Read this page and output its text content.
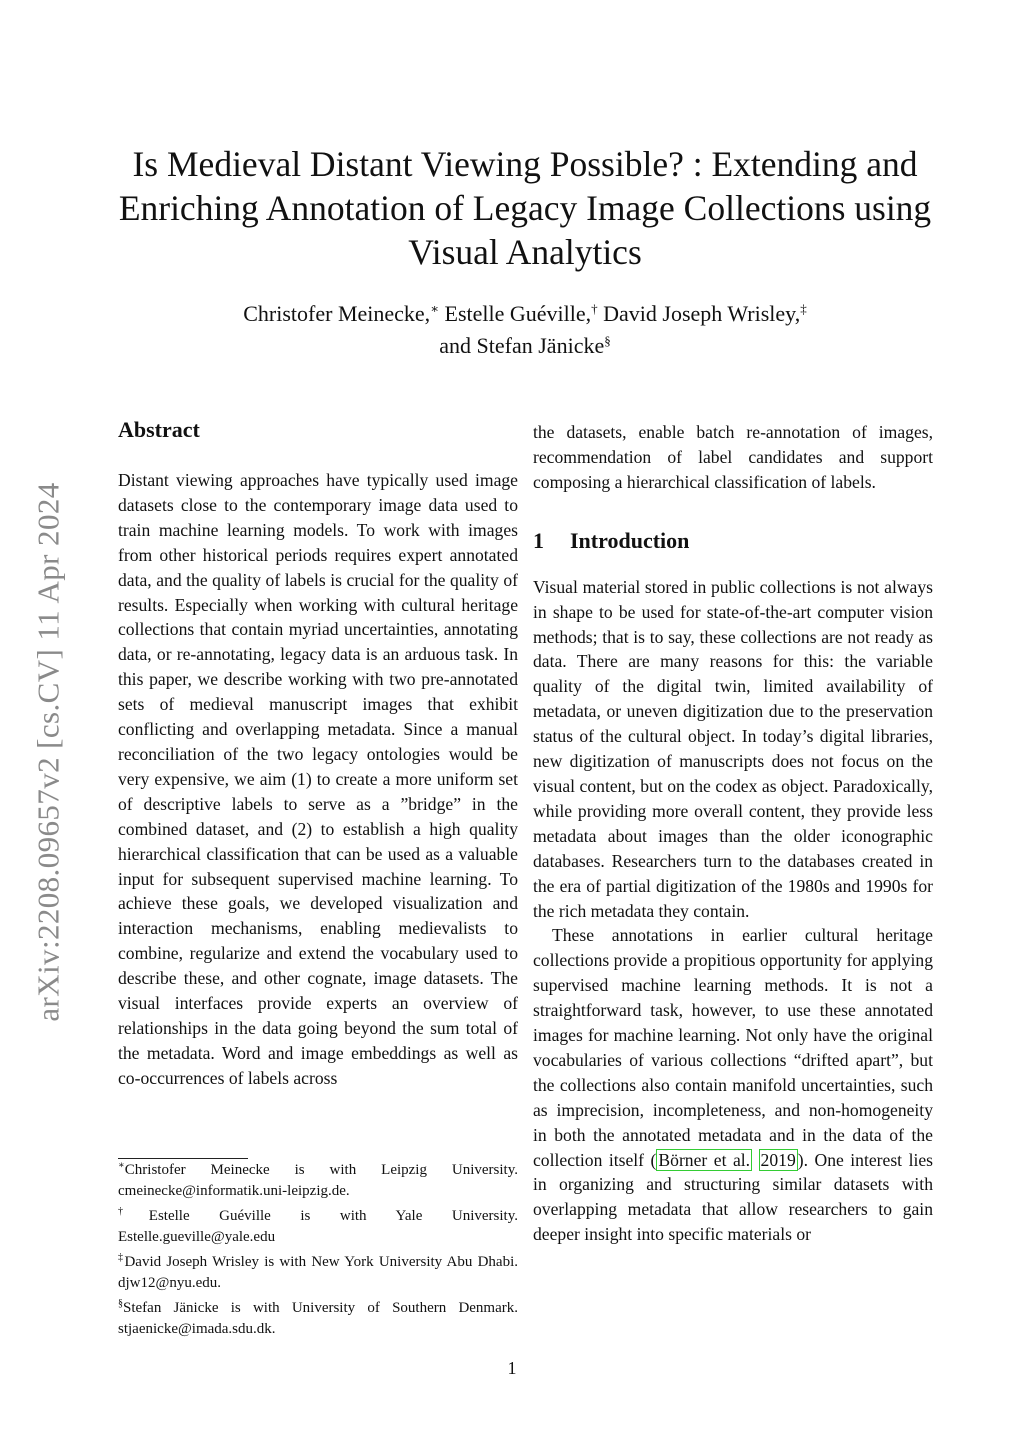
arXiv:2208.09657v2 [cs.CV] 11 Apr 2024
Is Medieval Distant Viewing Possible? : Extending and Enriching Annotation of Legacy Image Collections using Visual Analytics
Christofer Meinecke,∗ Estelle Guéville,† David Joseph Wrisley,‡
and Stefan Jänicke§
Abstract

Distant viewing approaches have typically used image datasets close to the contemporary image data used to train machine learning models. To work with images from other historical periods requires expert annotated data, and the quality of labels is crucial for the quality of results. Especially when working with cultural heritage collections that contain myriad uncertainties, annotating data, or re-annotating, legacy data is an arduous task. In this paper, we describe working with two pre-annotated sets of medieval manuscript images that exhibit conflicting and overlapping metadata. Since a manual reconciliation of the two legacy ontologies would be very expensive, we aim (1) to create a more uniform set of descriptive labels to serve as a ”bridge” in the combined dataset, and (2) to establish a high quality hierarchical classification that can be used as a valuable input for subsequent supervised machine learning. To achieve these goals, we developed visualization and interaction mechanisms, enabling medievalists to combine, regularize and extend the vocabulary used to describe these, and other cognate, image datasets. The visual interfaces provide experts an overview of relationships in the data going beyond the sum total of the metadata. Word and image embeddings as well as co-occurrences of labels across

the datasets, enable batch re-annotation of images, recommendation of label candidates and support composing a hierarchical classification of labels.

1 Introduction

Visual material stored in public collections is not always in shape to be used for state-of-the-art computer vision methods; that is to say, these collections are not ready as data. There are many reasons for this: the variable quality of the digital twin, limited availability of metadata, or uneven digitization due to the preservation status of the cultural object. In today’s digital libraries, new digitization of manuscripts does not focus on the visual content, but on the codex as object. Paradoxically, while providing more overall content, they provide less metadata about images than the older iconographic databases. Researchers turn to the databases created in the era of partial digitization of the 1980s and 1990s for the rich metadata they contain.

These annotations in earlier cultural heritage collections provide a propitious opportunity for applying supervised machine learning methods. It is not a straightforward task, however, to use these annotated images for machine learning. Not only have the original vocabularies of various collections “drifted apart”, but the collections also contain manifold uncertainties, such as imprecision, incompleteness, and non-homogeneity in both the annotated metadata and in the data of the collection itself ( Börner et al. 2019 ). One interest lies in organizing and structuring similar datasets with overlapping metadata that allow researchers to gain deeper insight into specific materials or

∗Christofer Meinecke is with Leipzig University. cmeinecke@informatik.uni-leipzig.de.

†Estelle Guéville is with Yale University. Estelle.gueville@yale.edu

‡David Joseph Wrisley is with New York University Abu Dhabi. djw12@nyu.edu.

§Stefan Jänicke is with University of Southern Denmark. stjaenicke@imada.sdu.dk.

1
